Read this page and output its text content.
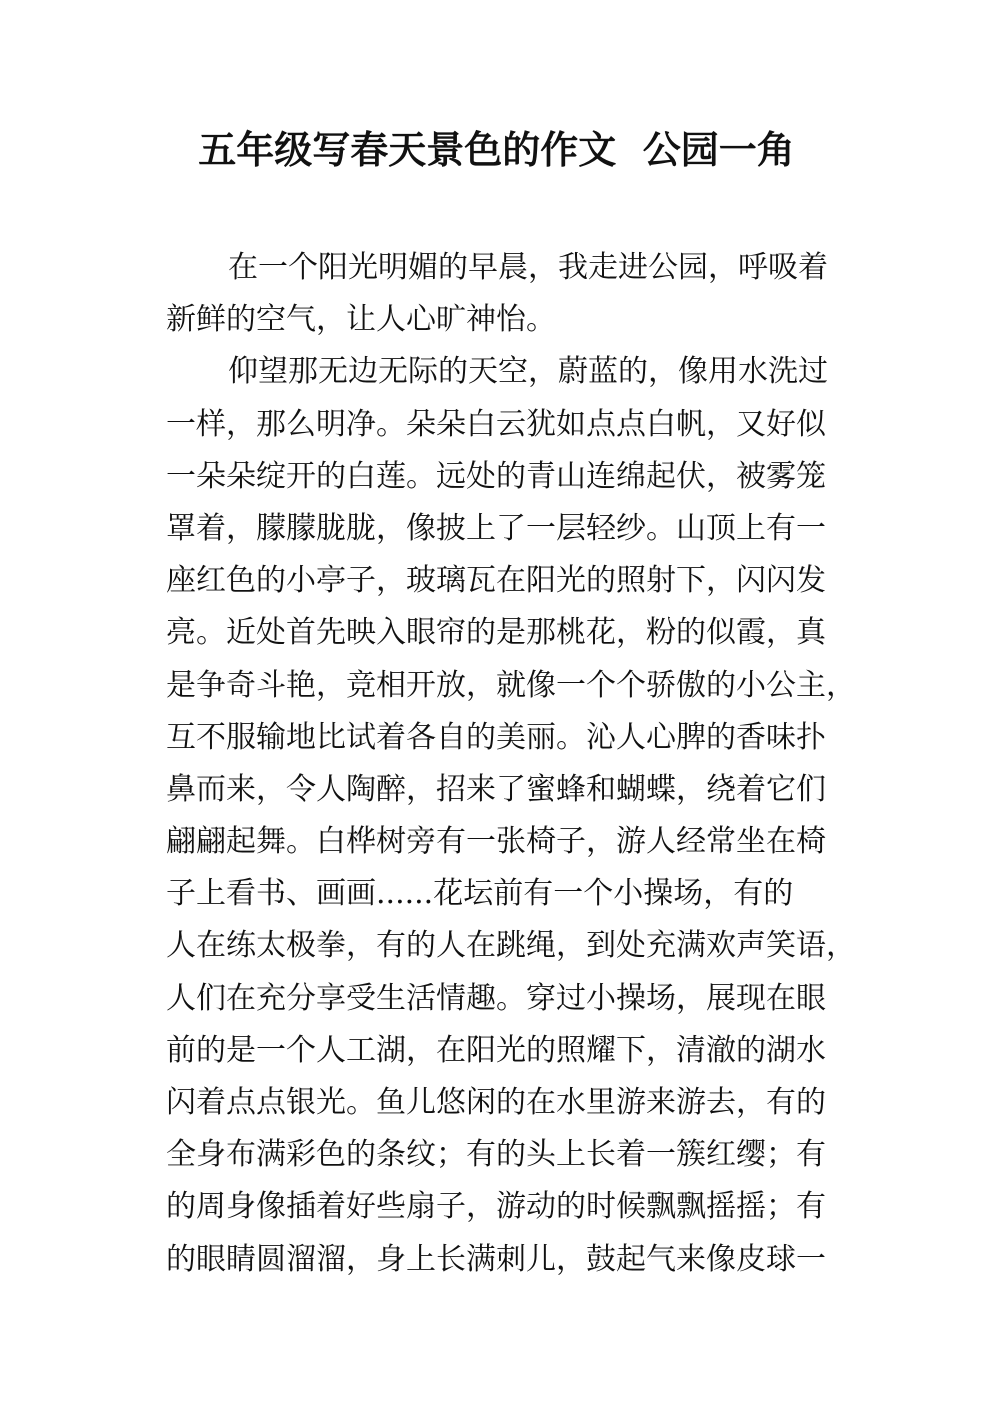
五年级写春天景色的作文  公园一角
在一个阳光明媚的早晨，我走进公园，呼吸着
新鲜的空气，让人心旷神怡。
仰望那无边无际的天空，蔚蓝的，像用水洗过
一样，那么明净。朵朵白云犹如点点白帆，又好似
一朵朵绽开的白莲。远处的青山连绵起伏，被雾笼
罩着，朦朦胧胧，像披上了一层轻纱。山顶上有一
座红色的小亭子，玻璃瓦在阳光的照射下，闪闪发
亮。近处首先映入眼帘的是那桃花，粉的似霞，真
是争奇斗艳，竞相开放，就像一个个骄傲的小公主，
互不服输地比试着各自的美丽。沁人心脾的香味扑
鼻而来，令人陶醉，招来了蜜蜂和蝴蝶，绕着它们
翩翩起舞。白桦树旁有一张椅子，游人经常坐在椅
子上看书、画画......花坛前有一个小操场，有的
人在练太极拳，有的人在跳绳，到处充满欢声笑语，
人们在充分享受生活情趣。穿过小操场，展现在眼
前的是一个人工湖，在阳光的照耀下，清澈的湖水
闪着点点银光。鱼儿悠闲的在水里游来游去，有的
全身布满彩色的条纹；有的头上长着一簇红缨；有
的周身像插着好些扇子，游动的时候飘飘摇摇；有
的眼睛圆溜溜，身上长满刺儿，鼓起气来像皮球一
